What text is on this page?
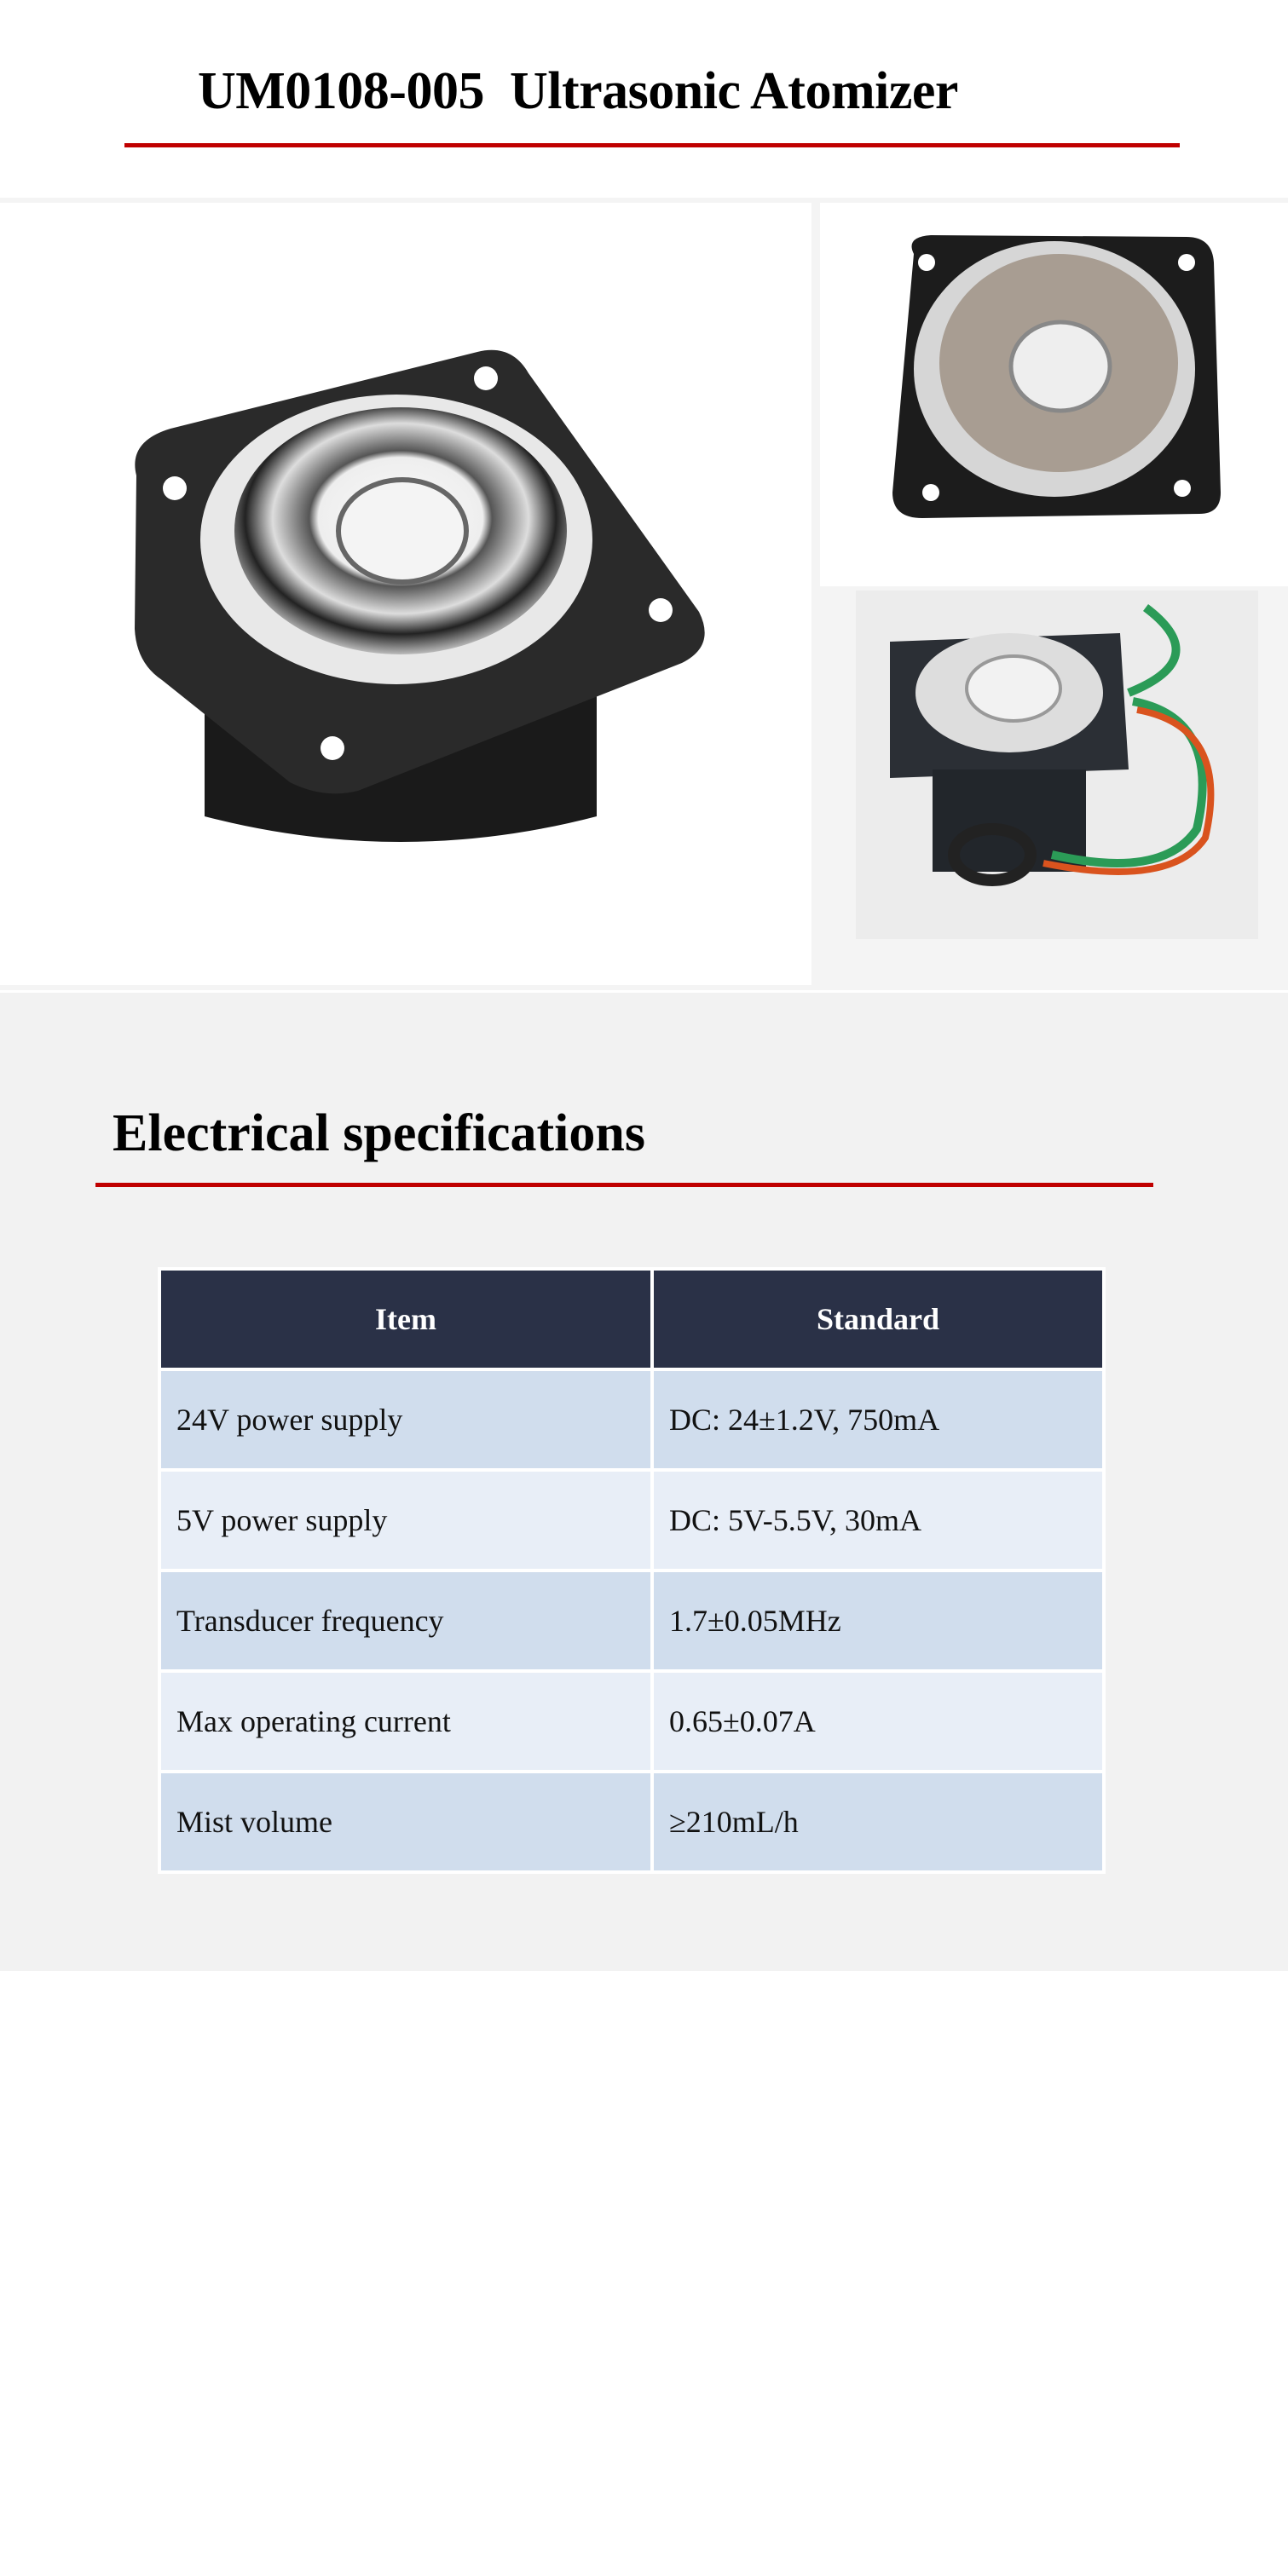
UM0108-005  Ultrasonic Atomizer
Electrical specifications
Item	Standard
24V power supply	DC: 24±1.2V, 750mA
5V power supply	DC: 5V-5.5V, 30mA
Transducer frequency	1.7±0.05MHz
Max operating current	0.65±0.07A
Mist volume	≥210mL/h
